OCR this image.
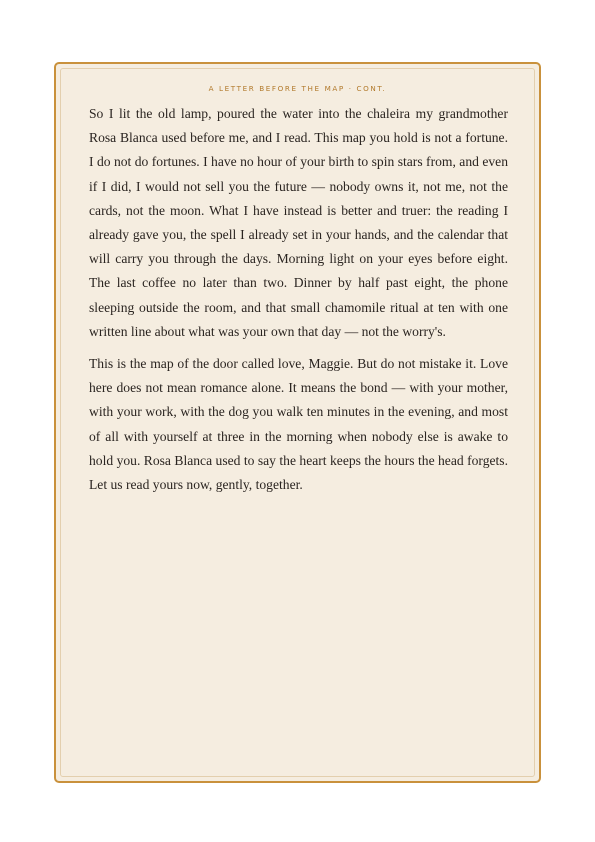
A LETTER BEFORE THE MAP · CONT.

So I lit the old lamp, poured the water into the chaleira my grandmother Rosa Blanca used before me, and I read. This map you hold is not a fortune. I do not do fortunes. I have no hour of your birth to spin stars from, and even if I did, I would not sell you the future — nobody owns it, not me, not the cards, not the moon. What I have instead is better and truer: the reading I already gave you, the spell I already set in your hands, and the calendar that will carry you through the days. Morning light on your eyes before eight. The last coffee no later than two. Dinner by half past eight, the phone sleeping outside the room, and that small chamomile ritual at ten with one written line about what was your own that day — not the worry's.

This is the map of the door called love, Maggie. But do not mistake it. Love here does not mean romance alone. It means the bond — with your mother, with your work, with the dog you walk ten minutes in the evening, and most of all with yourself at three in the morning when nobody else is awake to hold you. Rosa Blanca used to say the heart keeps the hours the head forgets. Let us read yours now, gently, together.
